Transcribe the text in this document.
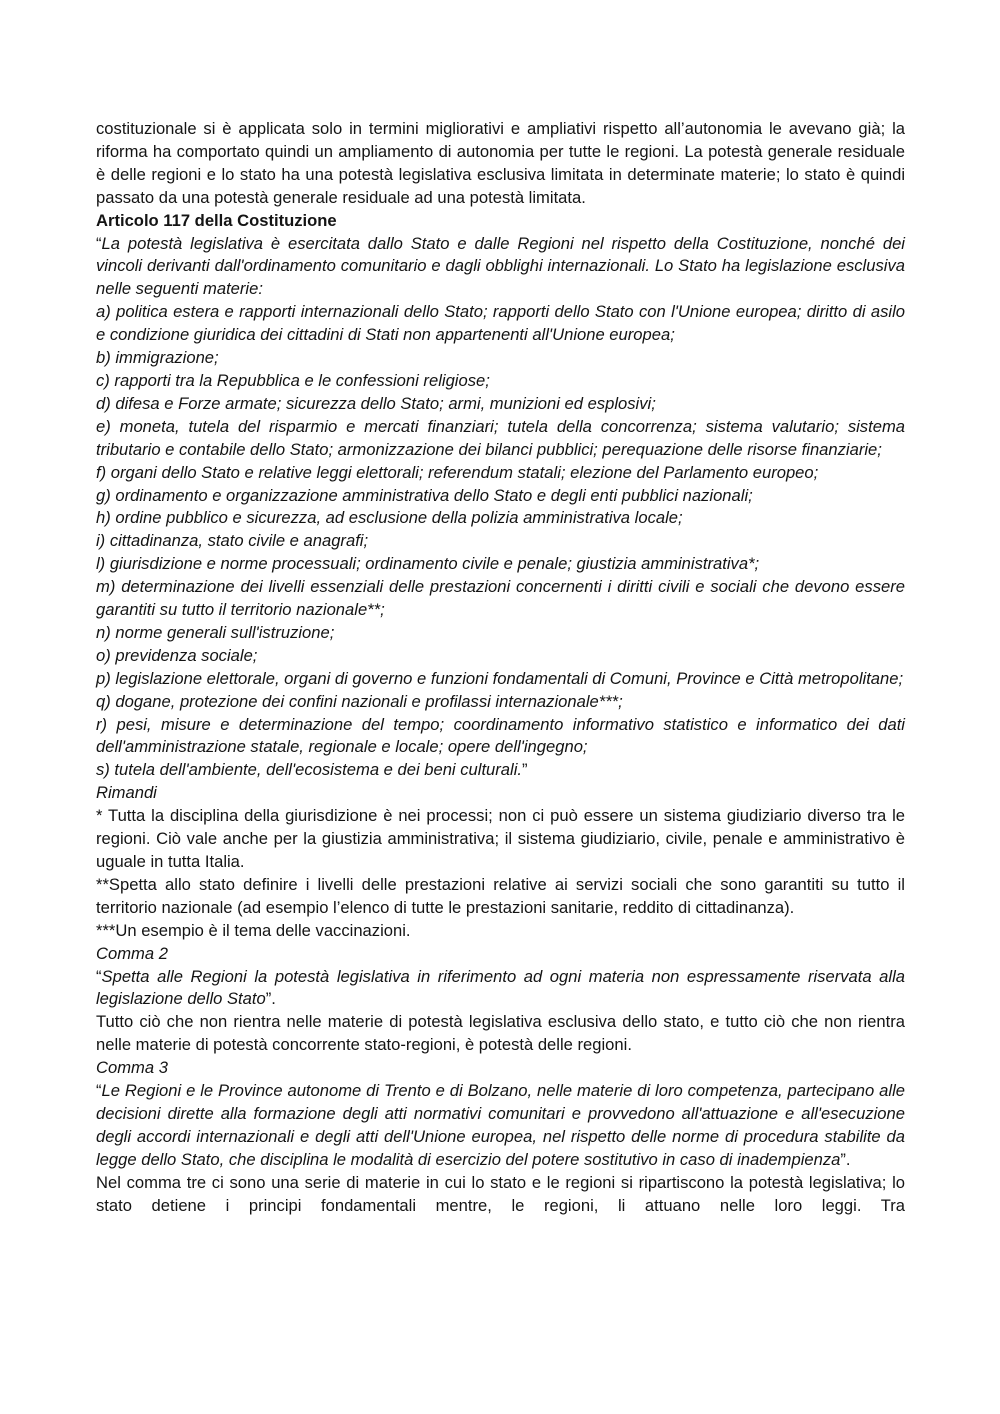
costituzionale si è applicata solo in termini migliorativi e ampliativi rispetto all’autonomia le avevano già; la riforma ha comportato quindi un ampliamento di autonomia per tutte le regioni. La potestà generale residuale è delle regioni e lo stato ha una potestà legislativa esclusiva limitata in determinate materie; lo stato è quindi passato da una potestà generale residuale ad una potestà limitata.

Articolo 117 della Costituzione

“La potestà legislativa è esercitata dallo Stato e dalle Regioni nel rispetto della Costituzione, nonché dei vincoli derivanti dall'ordinamento comunitario e dagli obblighi internazionali. Lo Stato ha legislazione esclusiva nelle seguenti materie:

a) politica estera e rapporti internazionali dello Stato; rapporti dello Stato con l'Unione europea; diritto di asilo e condizione giuridica dei cittadini di Stati non appartenenti all'Unione europea;

b) immigrazione;

c) rapporti tra la Repubblica e le confessioni religiose;

d) difesa e Forze armate; sicurezza dello Stato; armi, munizioni ed esplosivi;

e) moneta, tutela del risparmio e mercati finanziari; tutela della concorrenza; sistema valutario; sistema tributario e contabile dello Stato; armonizzazione dei bilanci pubblici; perequazione delle risorse finanziarie;

f) organi dello Stato e relative leggi elettorali; referendum statali; elezione del Parlamento europeo;

g) ordinamento e organizzazione amministrativa dello Stato e degli enti pubblici nazionali;

h) ordine pubblico e sicurezza, ad esclusione della polizia amministrativa locale;

i) cittadinanza, stato civile e anagrafi;

l) giurisdizione e norme processuali; ordinamento civile e penale; giustizia amministrativa*;

m) determinazione dei livelli essenziali delle prestazioni concernenti i diritti civili e sociali che devono essere garantiti su tutto il territorio nazionale**;

n) norme generali sull'istruzione;

o) previdenza sociale;

p) legislazione elettorale, organi di governo e funzioni fondamentali di Comuni, Province e Città metropolitane;

q) dogane, protezione dei confini nazionali e profilassi internazionale***;

r) pesi, misure e determinazione del tempo; coordinamento informativo statistico e informatico dei dati dell'amministrazione statale, regionale e locale; opere dell'ingegno;

s) tutela dell'ambiente, dell'ecosistema e dei beni culturali.”

Rimandi

* Tutta la disciplina della giurisdizione è nei processi; non ci può essere un sistema giudiziario diverso tra le regioni. Ciò vale anche per la giustizia amministrativa; il sistema giudiziario, civile, penale e amministrativo è uguale in tutta Italia.

**Spetta allo stato definire i livelli delle prestazioni relative ai servizi sociali che sono garantiti su tutto il territorio nazionale (ad esempio l’elenco di tutte le prestazioni sanitarie, reddito di cittadinanza).

***Un esempio è il tema delle vaccinazioni.

Comma 2

“Spetta alle Regioni la potestà legislativa in riferimento ad ogni materia non espressamente riservata alla legislazione dello Stato”.

Tutto ciò che non rientra nelle materie di potestà legislativa esclusiva dello stato, e tutto ciò che non rientra nelle materie di potestà concorrente stato-regioni, è potestà delle regioni.

Comma 3

“Le Regioni e le Province autonome di Trento e di Bolzano, nelle materie di loro competenza, partecipano alle decisioni dirette alla formazione degli atti normativi comunitari e provvedono all'attuazione e all'esecuzione degli accordi internazionali e degli atti dell'Unione europea, nel rispetto delle norme di procedura stabilite da legge dello Stato, che disciplina le modalità di esercizio del potere sostitutivo in caso di inadempienza”.

Nel comma tre ci sono una serie di materie in cui lo stato e le regioni si ripartiscono la potestà legislativa; lo stato detiene i principi fondamentali mentre, le regioni, li attuano nelle loro leggi. Tra
